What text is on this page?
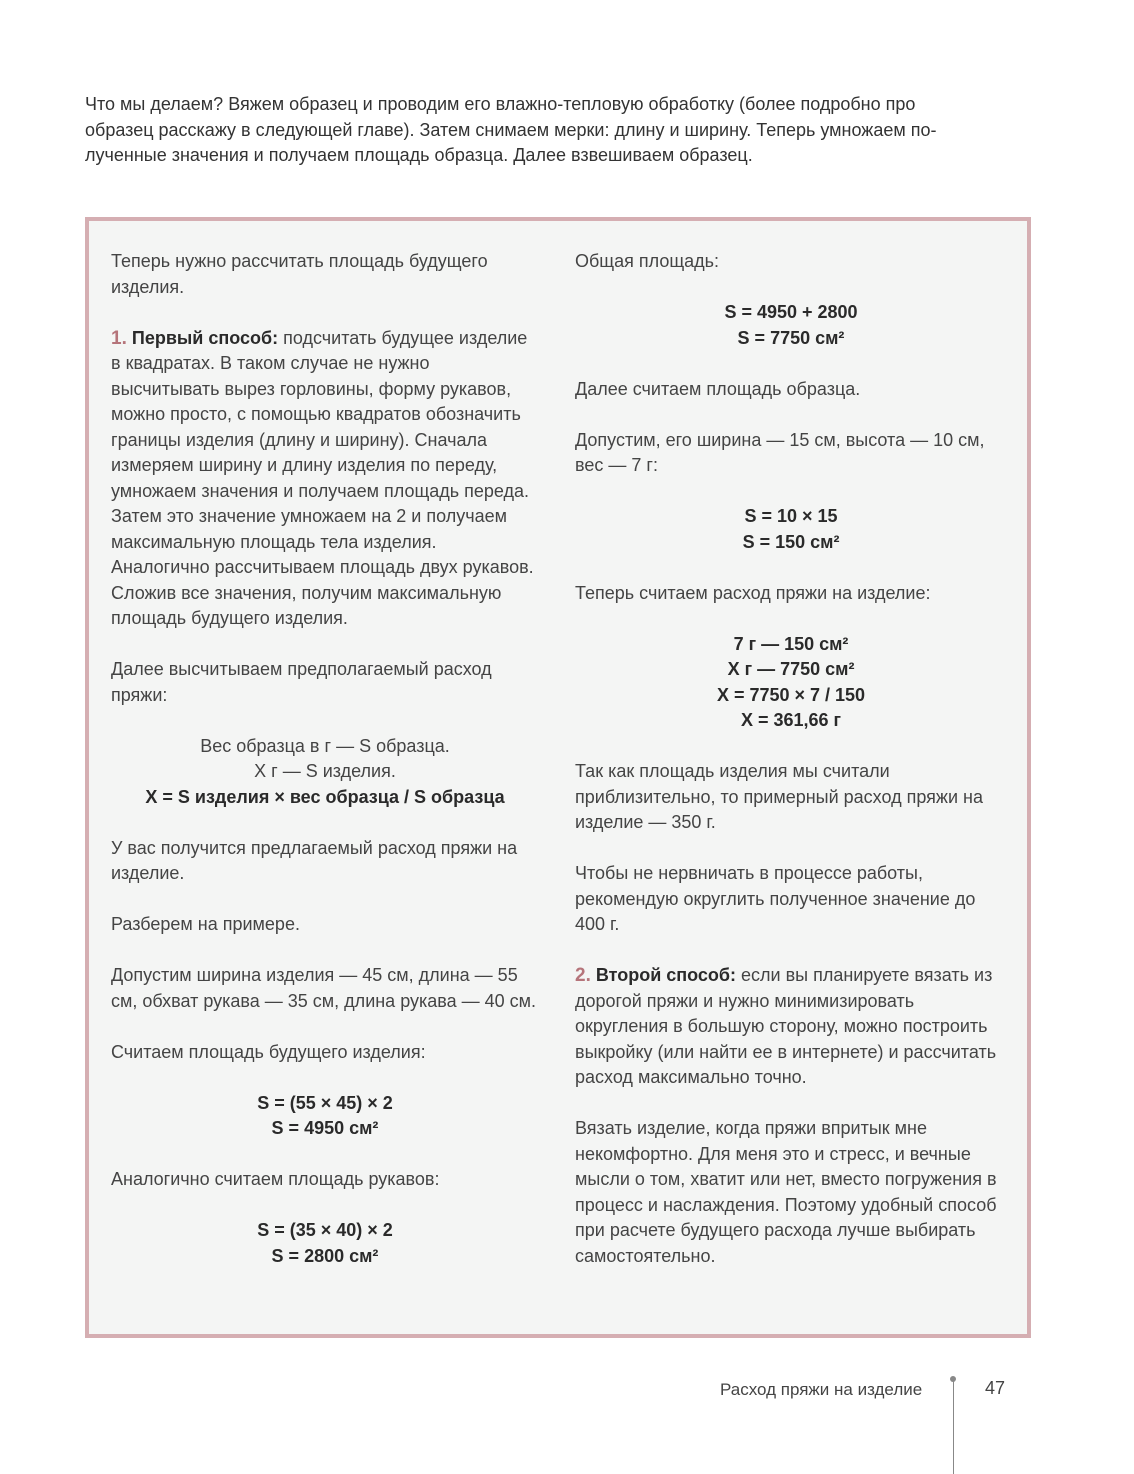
Что мы делаем? Вяжем образец и проводим его влажно-тепловую обработку (более подробно про

образец расскажу в следующей главе). Затем снимаем мерки: длину и ширину. Теперь умножаем по-

лученные значения и получаем площадь образца. Далее взвешиваем образец.

Теперь нужно рассчитать площадь будущего изделия.

1. Первый способ: подсчитать будущее изделие в квадратах. В таком случае не нужно высчитывать вырез горловины, форму рукавов, можно просто, с помощью квадратов обозначить границы изделия (длину и ширину). Сначала измеряем ширину и длину изделия по переду, умножаем значения и получаем площадь переда. Затем это значение умножаем на 2 и получаем максимальную площадь тела изделия. Аналогично рассчитываем площадь двух рукавов. Сложив все значения, получим максимальную площадь будущего изделия.

Далее высчитываем предполагаемый расход пряжи:

Вес образца в г — S образца.
Х г — S изделия.
Х = S изделия × вес образца / S образца

У вас получится предлагаемый расход пряжи на изделие.

Разберем на примере.

Допустим ширина изделия — 45 см, длина — 55 см, обхват рукава — 35 см, длина рукава — 40 см.

Считаем площадь будущего изделия:

S = (55 × 45) × 2
S = 4950 см²

Аналогично считаем площадь рукавов:

S = (35 × 40) × 2
S = 2800 см²

Общая площадь:

S = 4950 + 2800
S = 7750 см²

Далее считаем площадь образца.

Допустим, его ширина — 15 см, высота — 10 см, вес — 7 г:

S = 10 × 15
S = 150 см²

Теперь считаем расход пряжи на изделие:

7 г — 150 см²
Х г — 7750 см²
Х = 7750 × 7 / 150
Х = 361,66 г

Так как площадь изделия мы считали приблизительно, то примерный расход пряжи на изделие — 350 г.

Чтобы не нервничать в процессе работы, рекомендую округлить полученное значение до 400 г.

2. Второй способ: если вы планируете вязать из дорогой пряжи и нужно минимизировать округления в большую сторону, можно построить выкройку (или найти ее в интернете) и рассчитать расход максимально точно.

Вязать изделие, когда пряжи впритык мне некомфортно. Для меня это и стресс, и вечные мысли о том, хватит или нет, вместо погружения в процесс и наслаждения. Поэтому удобный способ при расчете будущего расхода лучше выбирать самостоятельно.

Расход пряжи на изделие	47
